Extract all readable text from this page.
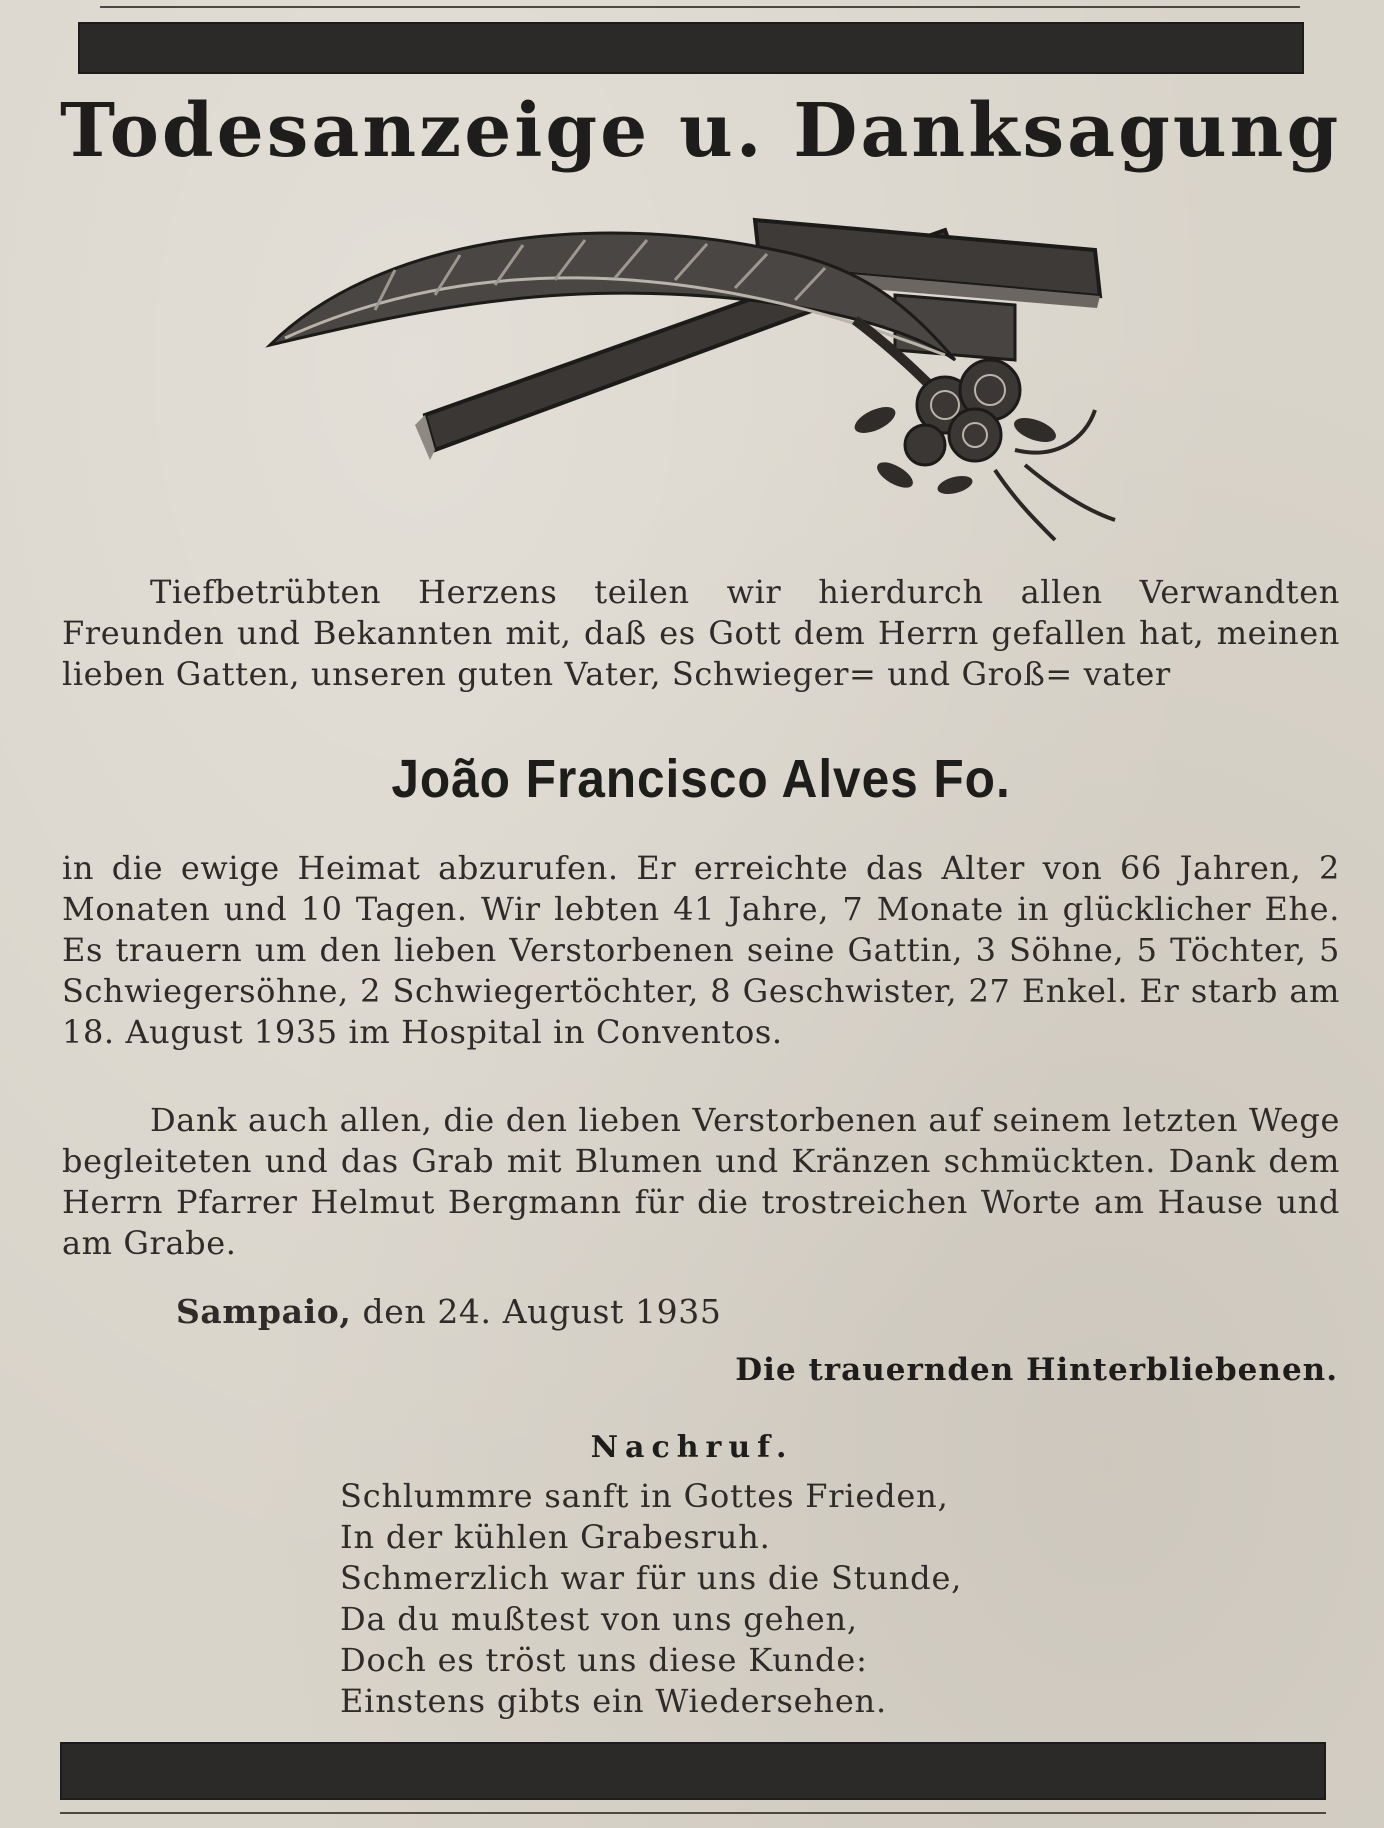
Todesanzeige u. Danksagung
Tiefbetrübten Herzens teilen wir hierdurch allen Verwandten Freunden und Bekannten mit, daß es Gott dem Herrn gefallen hat, meinen lieben Gatten, unseren guten Vater, Schwieger= und Groß= vater
João Francisco Alves Fo.
in die ewige Heimat abzurufen. Er erreichte das Alter von 66 Jahren, 2 Monaten und 10 Tagen. Wir lebten 41 Jahre, 7 Monate in glücklicher Ehe. Es trauern um den lieben Verstorbenen seine Gattin, 3 Söhne, 5 Töchter, 5 Schwiegersöhne, 2 Schwiegertöchter, 8 Geschwister, 27 Enkel. Er starb am 18. August 1935 im Hospital in Conventos.
Dank auch allen, die den lieben Verstorbenen auf seinem letzten Wege begleiteten und das Grab mit Blumen und Kränzen schmückten. Dank dem Herrn Pfarrer Helmut Bergmann für die trostreichen Worte am Hause und am Grabe.
Sampaio, den 24. August 1935
Die trauernden Hinterbliebenen.
Nachruf.
Schlummre sanft in Gottes Frieden,
In der kühlen Grabesruh.
Schmerzlich war für uns die Stunde,
Da du mußtest von uns gehen,
Doch es tröst uns diese Kunde:
Einstens gibts ein Wiedersehen.
